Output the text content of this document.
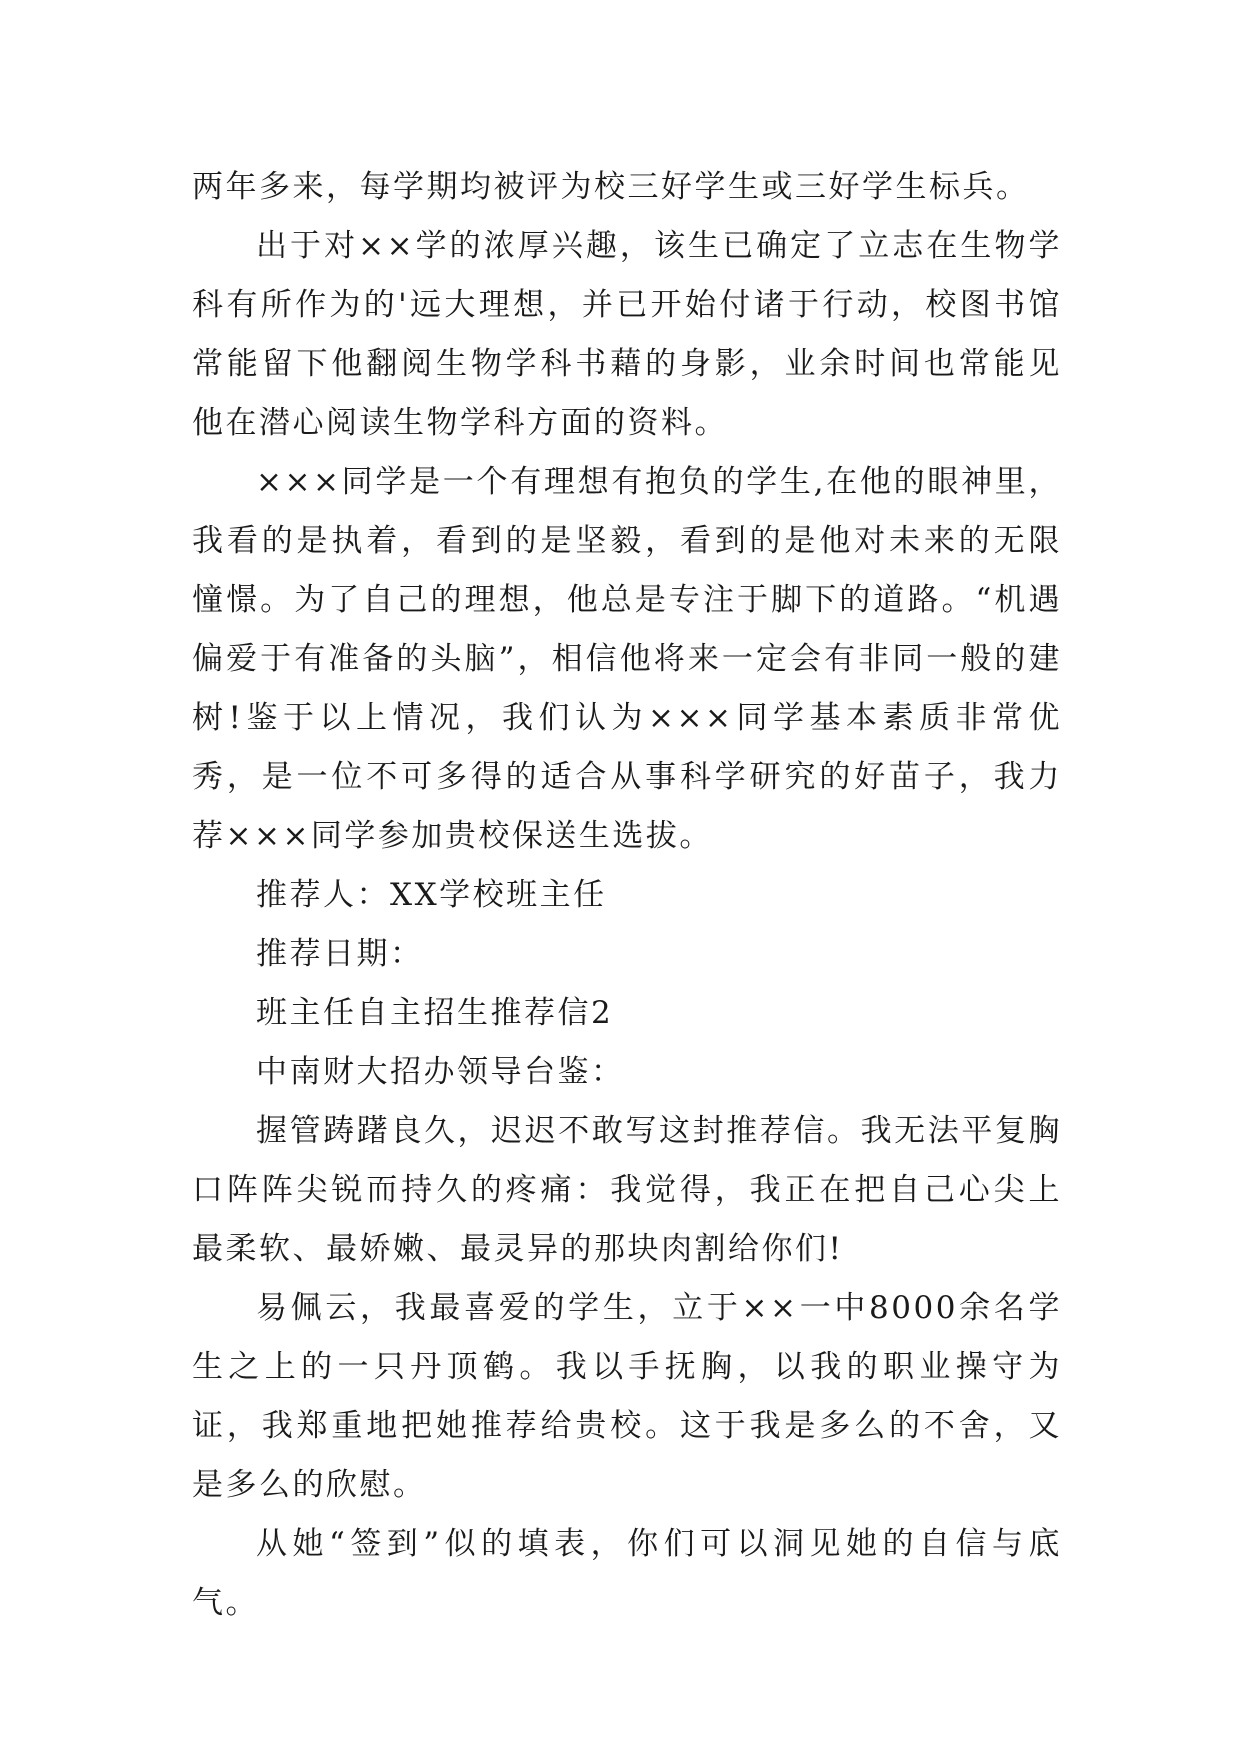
两年多来，每学期均被评为校三好学生或三好学生标兵。

出于对××学的浓厚兴趣，该生已确定了立志在生物学科有所作为的'远大理想，并已开始付诸于行动，校图书馆常能留下他翻阅生物学科书藉的身影，业余时间也常能见他在潜心阅读生物学科方面的资料。

×××同学是一个有理想有抱负的学生,在他的眼神里，我看的是执着，看到的是坚毅，看到的是他对未来的无限憧憬。为了自己的理想，他总是专注于脚下的道路。“机遇偏爱于有准备的头脑”，相信他将来一定会有非同一般的建树!鉴于以上情况，我们认为×××同学基本素质非常优秀，是一位不可多得的适合从事科学研究的好苗子，我力荐×××同学参加贵校保送生选拔。

推荐人：XX学校班主任

推荐日期：

班主任自主招生推荐信2

中南财大招办领导台鉴：

握管踌躇良久，迟迟不敢写这封推荐信。我无法平复胸口阵阵尖锐而持久的疼痛：我觉得，我正在把自己心尖上最柔软、最娇嫩、最灵异的那块肉割给你们!

易佩云，我最喜爱的学生，立于××一中8000余名学生之上的一只丹顶鹤。我以手抚胸，以我的职业操守为证，我郑重地把她推荐给贵校。这于我是多么的不舍，又是多么的欣慰。

从她“签到”似的填表，你们可以洞见她的自信与底气。
